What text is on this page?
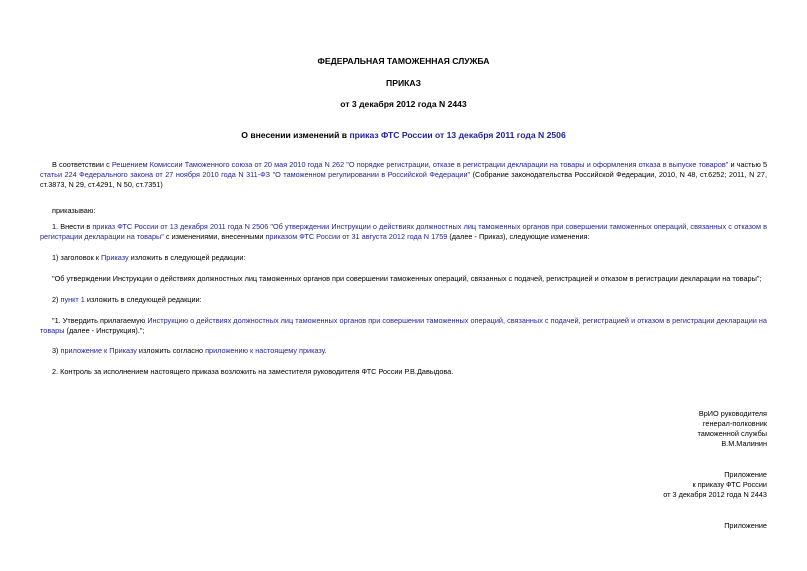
ФЕДЕРАЛЬНАЯ ТАМОЖЕННАЯ СЛУЖБА
ПРИКАЗ
от 3 декабря 2012 года N 2443
О внесении изменений в приказ ФТС России от 13 декабря 2011 года N 2506
В соответствии с Решением Комиссии Таможенного союза от 20 мая 2010 года N 262 "О порядке регистрации, отказе в регистрации декларации на товары и оформления отказа в выпуске товаров" и частью 5 статьи 224 Федерального закона от 27 ноября 2010 года N 311-ФЗ "О таможенном регулировании в Российской Федерации" (Собрание законодательства Российской Федерации, 2010, N 48, ст.6252; 2011, N 27, ст.3873, N 29, ст.4291, N 50, ст.7351)
приказываю:
1. Внести в приказ ФТС России от 13 декабря 2011 года N 2506 "Об утверждении Инструкции о действиях должностных лиц таможенных органов при совершении таможенных операций, связанных с отказом в регистрации декларации на товары" с изменениями, внесенными приказом ФТС России от 31 августа 2012 года N 1759 (далее - Приказ), следующие изменения:
1) заголовок к Приказу изложить в следующей редакции:
"Об утверждении Инструкции о действиях должностных лиц таможенных органов при совершении таможенных операций, связанных с подачей, регистрацией и отказом в регистрации декларации на товары";
2) пункт 1 изложить в следующей редакции:
"1. Утвердить прилагаемую Инструкцию о действиях должностных лиц таможенных органов при совершении таможенных операций, связанных с подачей, регистрацией и отказом в регистрации декларации на товары (далее - Инструкция).";
3) приложение к Приказу изложить согласно приложению к настоящему приказу.
2. Контроль за исполнением настоящего приказа возложить на заместителя руководителя ФТС России Р.В.Давыдова.
ВрИО руководителя
генерал-полковник
таможенной службы
В.М.Малинин
Приложение
к приказу ФТС России
от 3 декабря 2012 года N 2443
Приложение
